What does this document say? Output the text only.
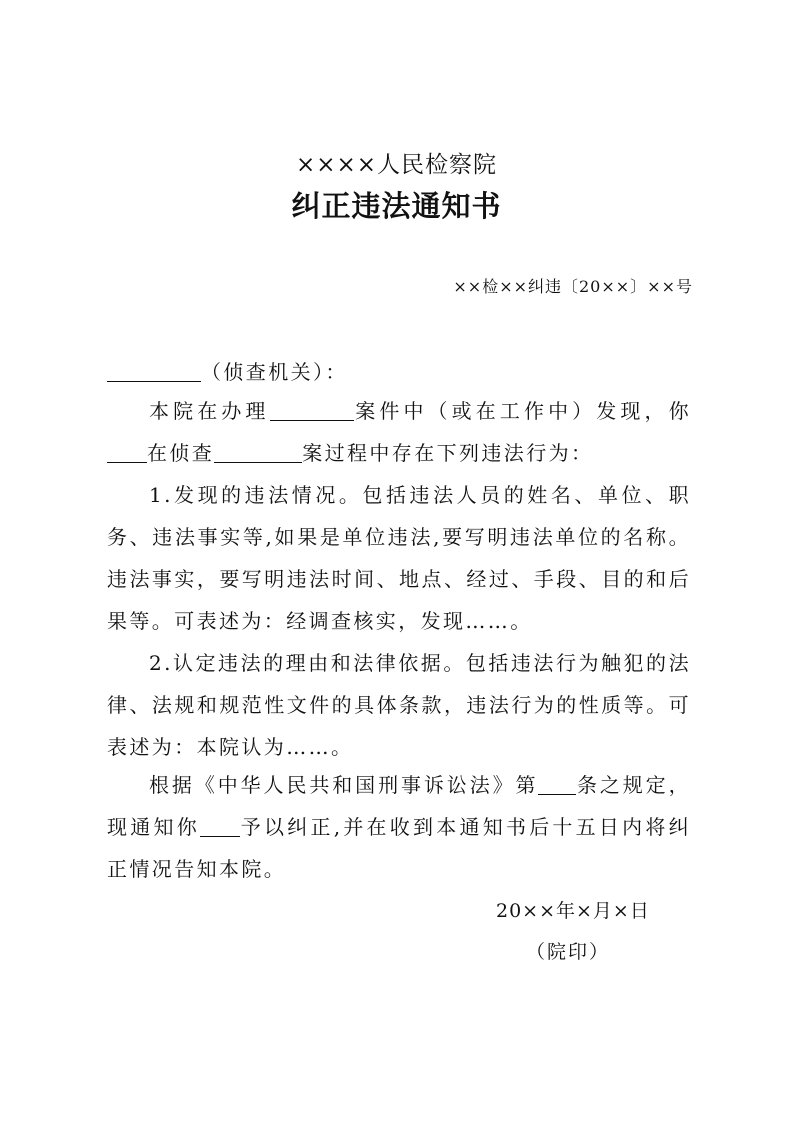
××××人民检察院
纠正违法通知书
××检××纠违〔20××〕××号
（侦查机关）：
本院在办理	案件中（或在工作中）发现，你在侦查	案过程中存在下列违法行为：
1.发现的违法情况。包括违法人员的姓名、单位、职务、违法事实等,如果是单位违法,要写明违法单位的名称。违法事实，要写明违法时间、地点、经过、手段、目的和后果等。可表述为：经调查核实，发现……。
2.认定违法的理由和法律依据。包括违法行为触犯的法律、法规和规范性文件的具体条款，违法行为的性质等。可表述为：本院认为……。
根据《中华人民共和国刑事诉讼法》第 条之规定，现通知你 予以纠正,并在收到本通知书后十五日内将纠正情况告知本院。
20××年×月×日
（院印）
